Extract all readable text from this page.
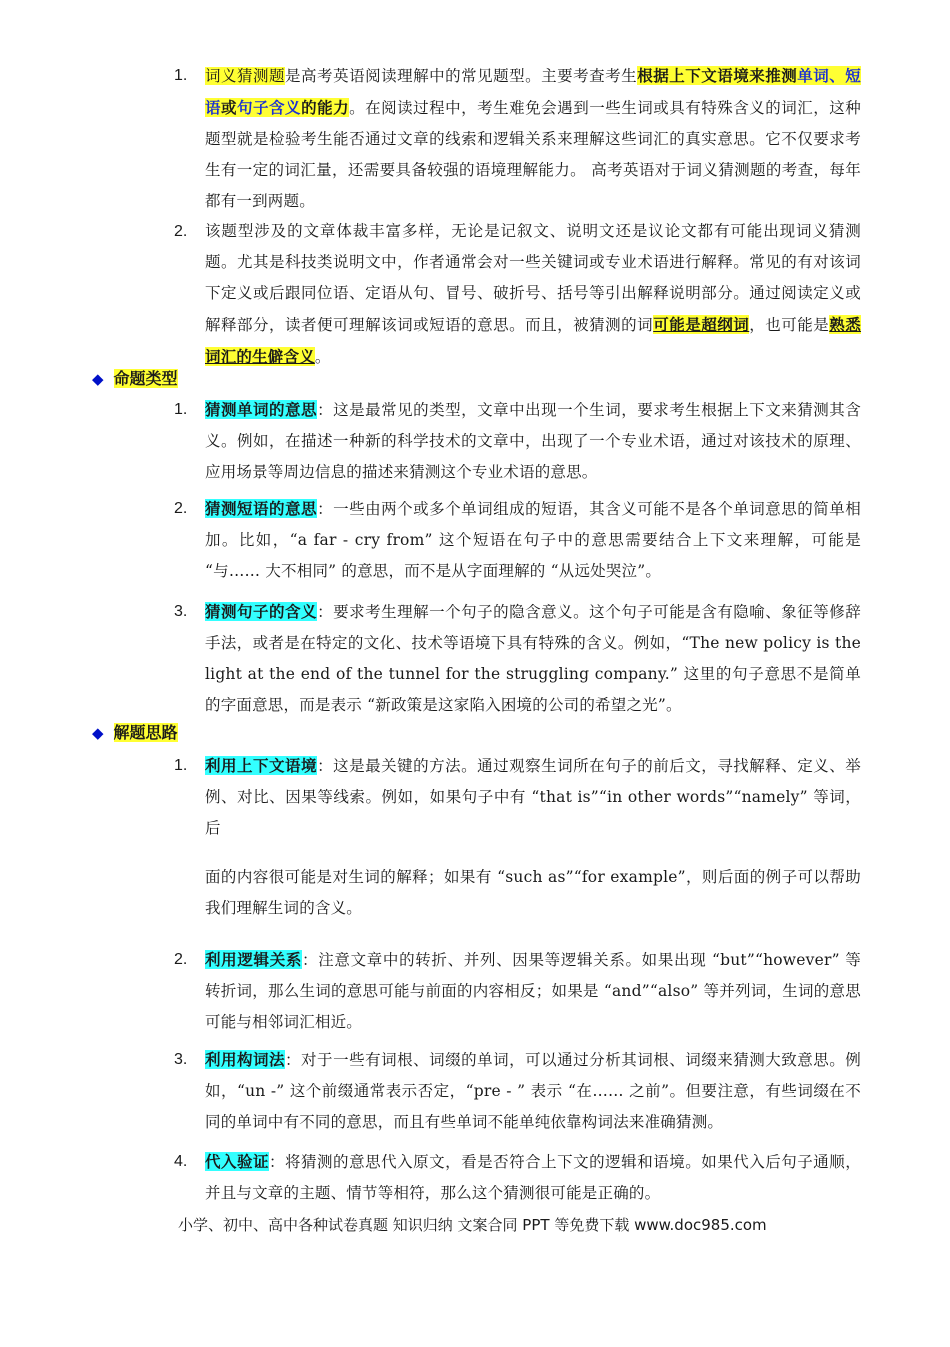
1.	词义猜测题是高考英语阅读理解中的常见题型。主要考查考生根据上下文语境来推测单词、短语或句子含义的能力。在阅读过程中，考生难免会遇到一些生词或具有特殊含义的词汇，这种题型就是检验考生能否通过文章的线索和逻辑关系来理解这些词汇的真实意思。它不仅要求考生有一定的词汇量，还需要具备较强的语境理解能力。 高考英语对于词义猜测题的考查，每年都有一到两题。
2.	该题型涉及的文章体裁丰富多样，无论是记叙文、说明文还是议论文都有可能出现词义猜测题。尤其是科技类说明文中，作者通常会对一些关键词或专业术语进行解释。常见的有对该词下定义或后跟同位语、定语从句、冒号、破折号、括号等引出解释说明部分。通过阅读定义或解释部分，读者便可理解该词或短语的意思。而且，被猜测的词可能是超纲词，也可能是熟悉词汇的生僻含义。
◆ 命题类型
1.	猜测单词的意思：这是最常见的类型，文章中出现一个生词，要求考生根据上下文来猜测其含义。例如，在描述一种新的科学技术的文章中，出现了一个专业术语，通过对该技术的原理、应用场景等周边信息的描述来猜测这个专业术语的意思。
2.	猜测短语的意思：一些由两个或多个单词组成的短语，其含义可能不是各个单词意思的简单相加。比如，“a far - cry from” 这个短语在句子中的意思需要结合上下文来理解，可能是 “与…… 大不相同” 的意思，而不是从字面理解的 “从远处哭泣”。
3.	猜测句子的含义：要求考生理解一个句子的隐含意义。这个句子可能是含有隐喻、象征等修辞手法，或者是在特定的文化、技术等语境下具有特殊的含义。例如，“The new policy is the light at the end of the tunnel for the struggling company.” 这里的句子意思不是简单的字面意思，而是表示 “新政策是这家陷入困境的公司的希望之光”。
◆ 解题思路
1.	利用上下文语境：这是最关键的方法。通过观察生词所在句子的前后文，寻找解释、定义、举例、对比、因果等线索。例如，如果句子中有 “that is”“in other words”“namely” 等词，后
面的内容很可能是对生词的解释；如果有 “such as”“for example”，则后面的例子可以帮助我们理解生词的含义。
2.	利用逻辑关系：注意文章中的转折、并列、因果等逻辑关系。如果出现 “but”“however” 等转折词，那么生词的意思可能与前面的内容相反；如果是 “and”“also” 等并列词，生词的意思可能与相邻词汇相近。
3.	利用构词法：对于一些有词根、词缀的单词，可以通过分析其词根、词缀来猜测大致意思。例如，“un -” 这个前缀通常表示否定，“pre - ” 表示 “在…… 之前”。但要注意，有些词缀在不同的单词中有不同的意思，而且有些单词不能单纯依靠构词法来准确猜测。
4.	代入验证：将猜测的意思代入原文，看是否符合上下文的逻辑和语境。如果代入后句子通顺，并且与文章的主题、情节等相符，那么这个猜测很可能是正确的。
小学、初中、高中各种试卷真题 知识归纳 文案合同 PPT 等免费下载 www.doc985.com
